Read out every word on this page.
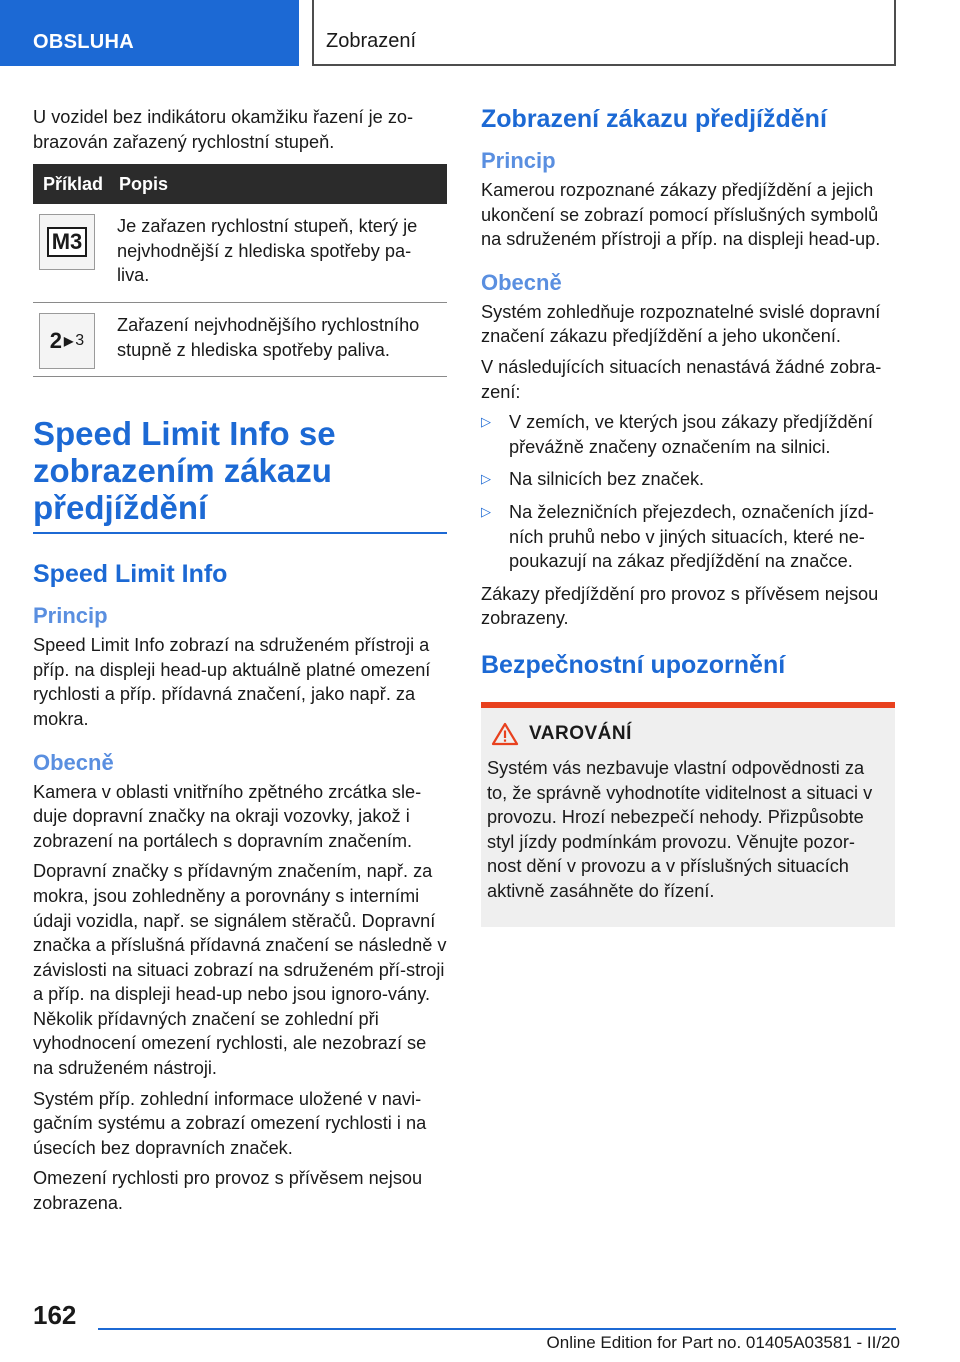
OBSLUHA	Zobrazení

U vozidel bez indikátoru okamžiku řazení je zo-brazován zařazený rychlostní stupeň.

Příklad	Popis

M3	Je zařazen rychlostní stupeň, který je nejvhodnější z hlediska spotřeby pa-liva.

2 ▶ 3	Zařazení nejvhodnějšího rychlostního stupně z hlediska spotřeby paliva.
Speed Limit Info se zobrazením zákazu předjíždění
Speed Limit Info
Princip

Speed Limit Info zobrazí na sdruženém přístroji a příp. na displeji head-up aktuálně platné omezení rychlosti a příp. přídavná značení, jako např. za mokra.

Obecně

Kamera v oblasti vnitřního zpětného zrcátka sle-duje dopravní značky na okraji vozovky, jakož i zobrazení na portálech s dopravním značením.

Dopravní značky s přídavným značením, např. za mokra, jsou zohledněny a porovnány s interními údaji vozidla, např. se signálem stěračů. Dopravní značka a příslušná přídavná značení se následně v závislosti na situaci zobrazí na sdruženém pří-stroji a příp. na displeji head-up nebo jsou ignoro-vány. Několik přídavných značení se zohlední při vyhodnocení omezení rychlosti, ale nezobrazí se na sdruženém nástroji.

Systém příp. zohlední informace uložené v navi-gačním systému a zobrazí omezení rychlosti i na úsecích bez dopravních značek.

Omezení rychlosti pro provoz s přívěsem nejsou zobrazena.

Zobrazení zákazu předjíždění
Princip

Kamerou rozpoznané zákazy předjíždění a jejich ukončení se zobrazí pomocí příslušných symbolů na sdruženém přístroji a příp. na displeji head-up.

Obecně

Systém zohledňuje rozpoznatelné svislé dopravní značení zákazu předjíždění a jeho ukončení.

V následujících situacích nenastává žádné zobra-zení:

▷ V zemích, ve kterých jsou zákazy předjíždění převážně značeny označením na silnici.
▷ Na silnicích bez značek.
▷ Na železničních přejezdech, označeních jízd-ních pruhů nebo v jiných situacích, které ne-poukazují na zákaz předjíždění na značce.

Zákazy předjíždění pro provoz s přívěsem nejsou zobrazeny.

Bezpečnostní upozornění
VAROVÁNÍ

Systém vás nezbavuje vlastní odpovědnosti za to, že správně vyhodnotíte viditelnost a situaci v provozu. Hrozí nebezpečí nehody. Přizpůsobte styl jízdy podmínkám provozu. Věnujte pozor-nost dění v provozu a v příslušných situacích aktivně zasáhněte do řízení.

162
Online Edition for Part no. 01405A03581 - II/20
